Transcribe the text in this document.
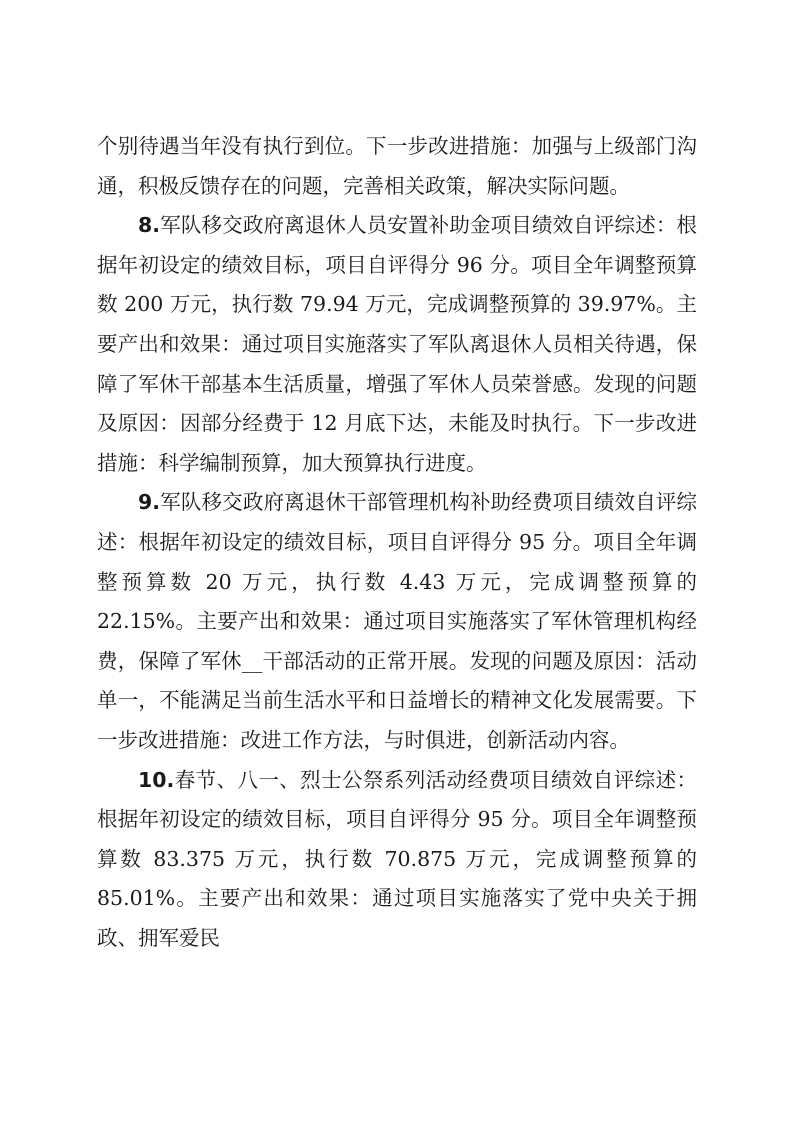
个别待遇当年没有执行到位。下一步改进措施：加强与上级部门沟通，积极反馈存在的问题，完善相关政策，解决实际问题。

8.军队移交政府离退休人员安置补助金项目绩效自评综述：根据年初设定的绩效目标，项目自评得分 96 分。项目全年调整预算数 200 万元，执行数 79.94 万元，完成调整预算的 39.97%。主要产出和效果：通过项目实施落实了军队离退休人员相关待遇，保障了军休干部基本生活质量，增强了军休人员荣誉感。发现的问题及原因：因部分经费于 12 月底下达，未能及时执行。下一步改进措施：科学编制预算，加大预算执行进度。

9.军队移交政府离退休干部管理机构补助经费项目绩效自评综述：根据年初设定的绩效目标，项目自评得分 95 分。项目全年调整预算数 20 万元，执行数 4.43 万元，完成调整预算的 22.15%。主要产出和效果：通过项目实施落实了军休管理机构经费，保障了军休__干部活动的正常开展。发现的问题及原因：活动单一，不能满足当前生活水平和日益增长的精神文化发展需要。下一步改进措施：改进工作方法，与时俱进，创新活动内容。

10.春节、八一、烈士公祭系列活动经费项目绩效自评综述：根据年初设定的绩效目标，项目自评得分 95 分。项目全年调整预算数 83.375 万元，执行数 70.875 万元，完成调整预算的 85.01%。主要产出和效果：通过项目实施落实了党中央关于拥政、拥军爱民
